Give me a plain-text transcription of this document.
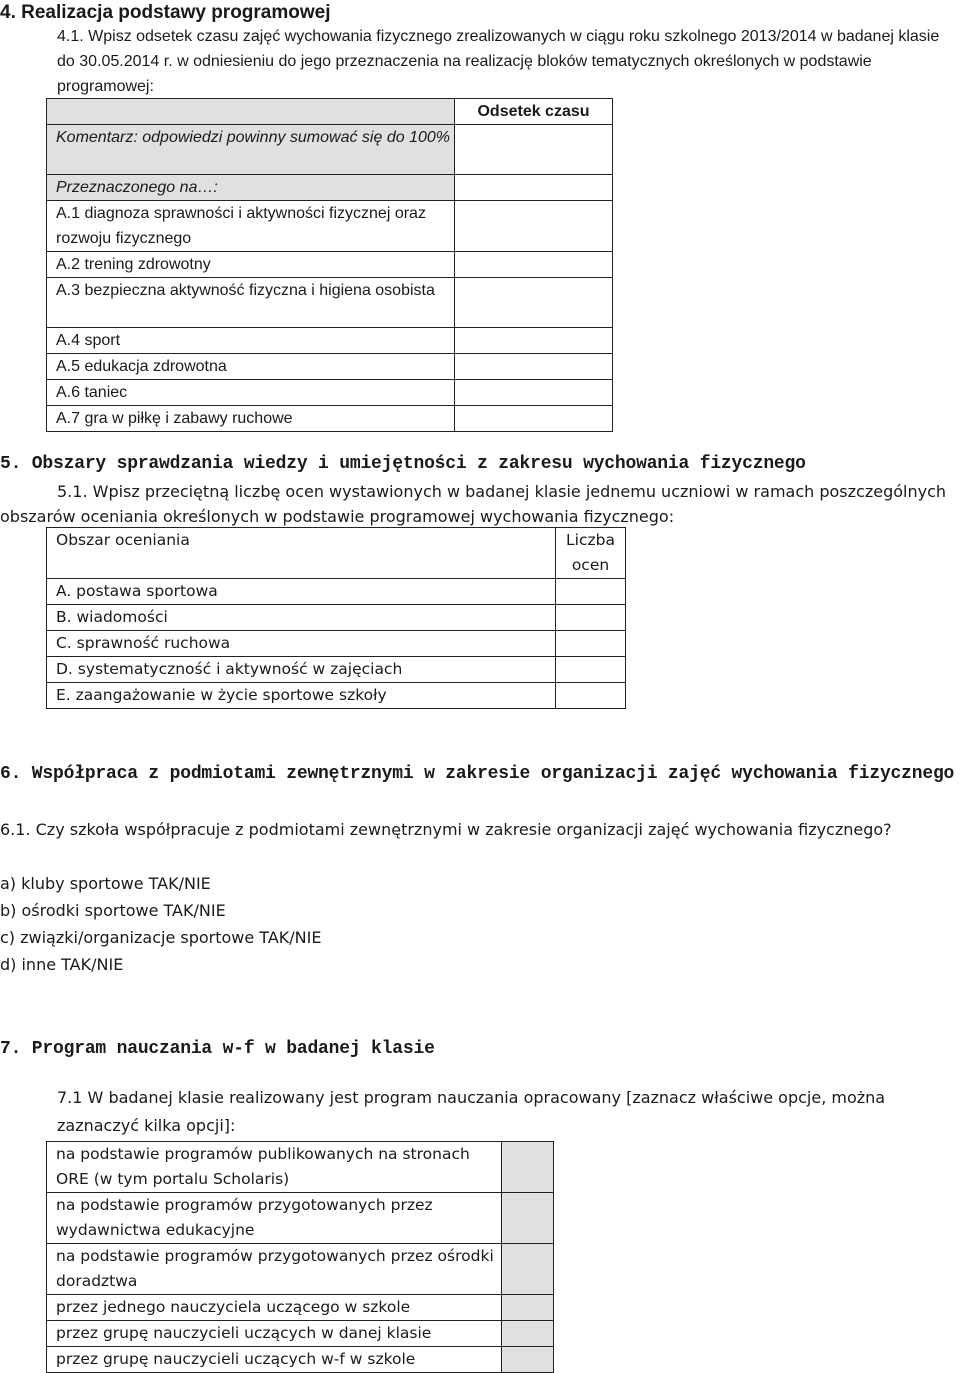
4. Realizacja podstawy programowej
4.1. Wpisz odsetek czasu zajęć wychowania fizycznego zrealizowanych w ciągu roku szkolnego 2013/2014 w badanej klasie do 30.05.2014 r. w odniesieniu do jego przeznaczenia na realizację bloków tematycznych określonych w podstawie programowej:
	Odsetek czasu
Komentarz: odpowiedzi powinny sumować się do 100%	
Przeznaczonego na…:	
A.1 diagnoza sprawności i aktywności fizycznej oraz rozwoju fizycznego	
A.2 trening zdrowotny	
A.3 bezpieczna aktywność fizyczna i higiena osobista	
A.4 sport	
A.5 edukacja zdrowotna	
A.6 taniec	
A.7 gra w piłkę i zabawy ruchowe	
5. Obszary sprawdzania wiedzy i umiejętności z zakresu wychowania fizycznego
5.1. Wpisz przeciętną liczbę ocen wystawionych w badanej klasie jednemu uczniowi w ramach poszczególnych obszarów oceniania określonych w podstawie programowej wychowania fizycznego:
Obszar oceniania	Liczba ocen
A. postawa sportowa	
B. wiadomości	
C. sprawność ruchowa	
D. systematyczność i aktywność w zajęciach	
E. zaangażowanie w życie sportowe szkoły	
6. Współpraca z podmiotami zewnętrznymi w zakresie organizacji zajęć wychowania fizycznego
6.1. Czy szkoła współpracuje z podmiotami zewnętrznymi w zakresie organizacji zajęć wychowania fizycznego?
a) kluby sportowe TAK/NIE
b) ośrodki sportowe TAK/NIE
c) związki/organizacje sportowe TAK/NIE
d) inne TAK/NIE
7. Program nauczania w-f w badanej klasie
7.1 W badanej klasie realizowany jest program nauczania opracowany [zaznacz właściwe opcje, można zaznaczyć kilka opcji]:
na podstawie programów publikowanych na stronach ORE (w tym portalu Scholaris)	
na podstawie programów przygotowanych przez wydawnictwa edukacyjne	
na podstawie programów przygotowanych przez ośrodki doradztwa	
przez jednego nauczyciela uczącego w szkole	
przez grupę nauczycieli uczących w danej klasie	
przez grupę nauczycieli uczących w-f w szkole	
